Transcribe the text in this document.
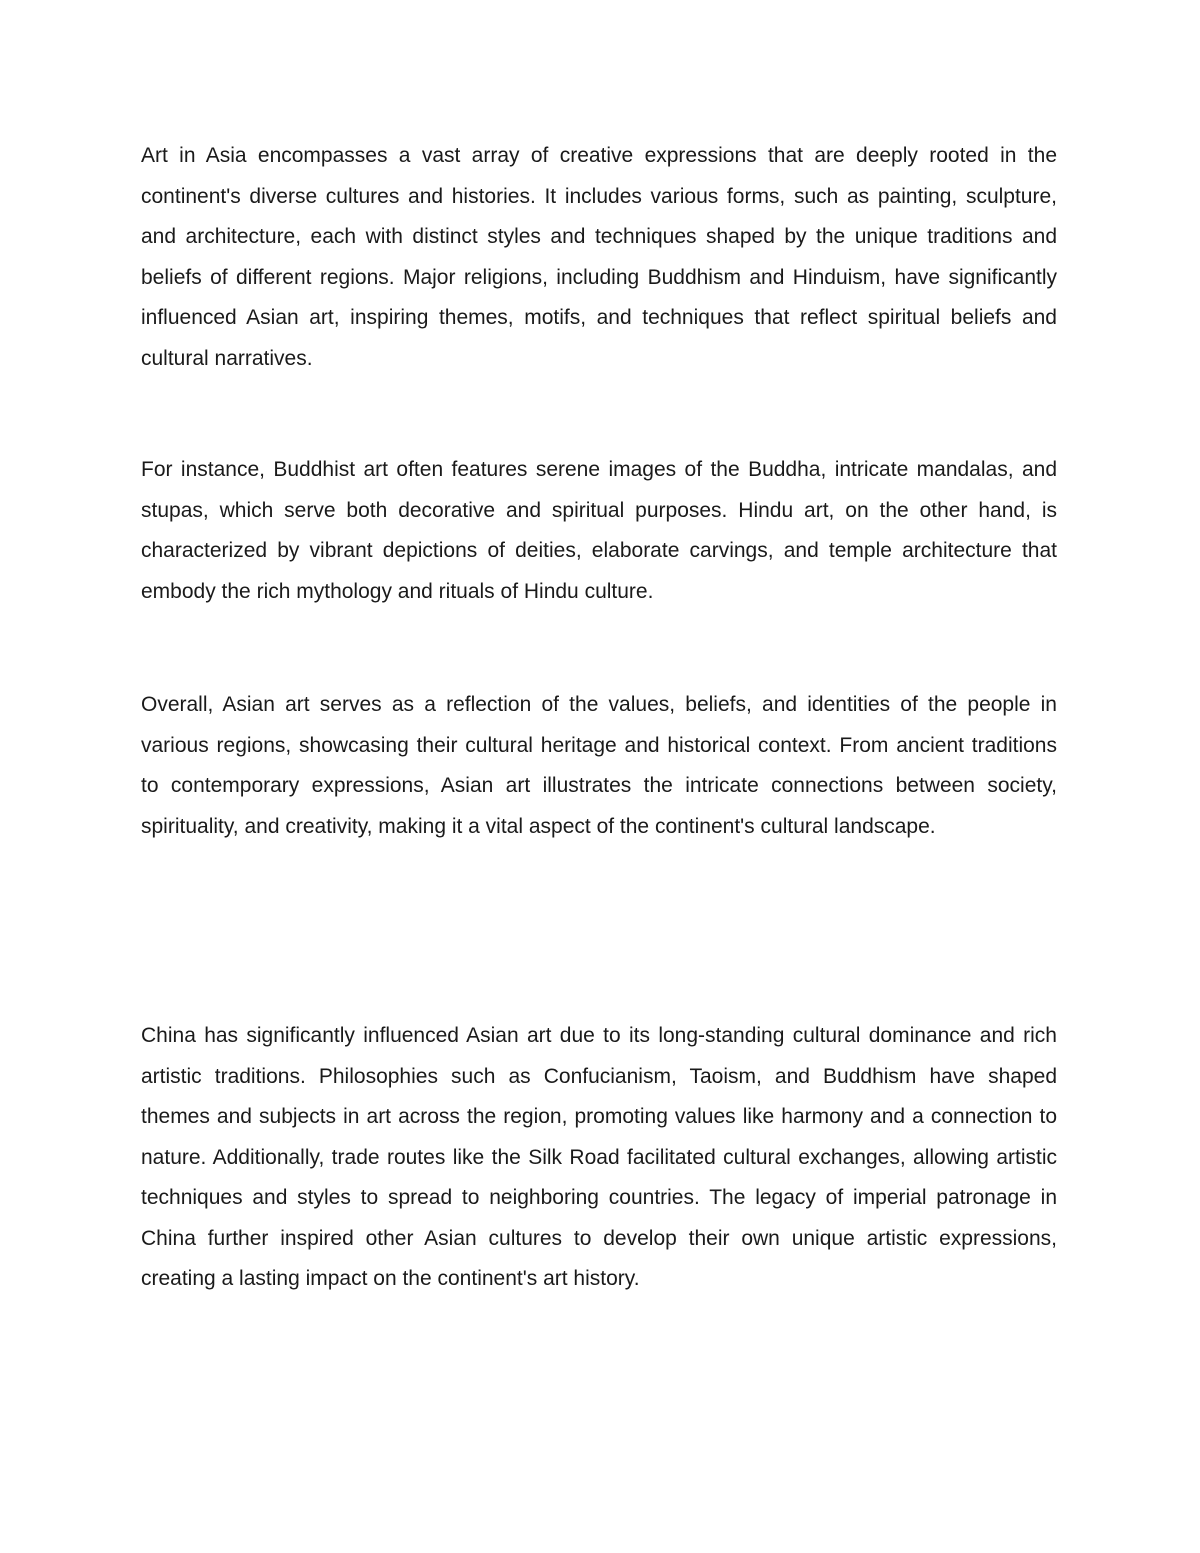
Art in Asia encompasses a vast array of creative expressions that are deeply rooted in the continent's diverse cultures and histories. It includes various forms, such as painting, sculpture, and architecture, each with distinct styles and techniques shaped by the unique traditions and beliefs of different regions. Major religions, including Buddhism and Hinduism, have significantly influenced Asian art, inspiring themes, motifs, and techniques that reflect spiritual beliefs and cultural narratives.

For instance, Buddhist art often features serene images of the Buddha, intricate mandalas, and stupas, which serve both decorative and spiritual purposes. Hindu art, on the other hand, is characterized by vibrant depictions of deities, elaborate carvings, and temple architecture that embody the rich mythology and rituals of Hindu culture.

Overall, Asian art serves as a reflection of the values, beliefs, and identities of the people in various regions, showcasing their cultural heritage and historical context. From ancient traditions to contemporary expressions, Asian art illustrates the intricate connections between society, spirituality, and creativity, making it a vital aspect of the continent's cultural landscape.

China has significantly influenced Asian art due to its long-standing cultural dominance and rich artistic traditions. Philosophies such as Confucianism, Taoism, and Buddhism have shaped themes and subjects in art across the region, promoting values like harmony and a connection to nature. Additionally, trade routes like the Silk Road facilitated cultural exchanges, allowing artistic techniques and styles to spread to neighboring countries. The legacy of imperial patronage in China further inspired other Asian cultures to develop their own unique artistic expressions, creating a lasting impact on the continent's art history.
